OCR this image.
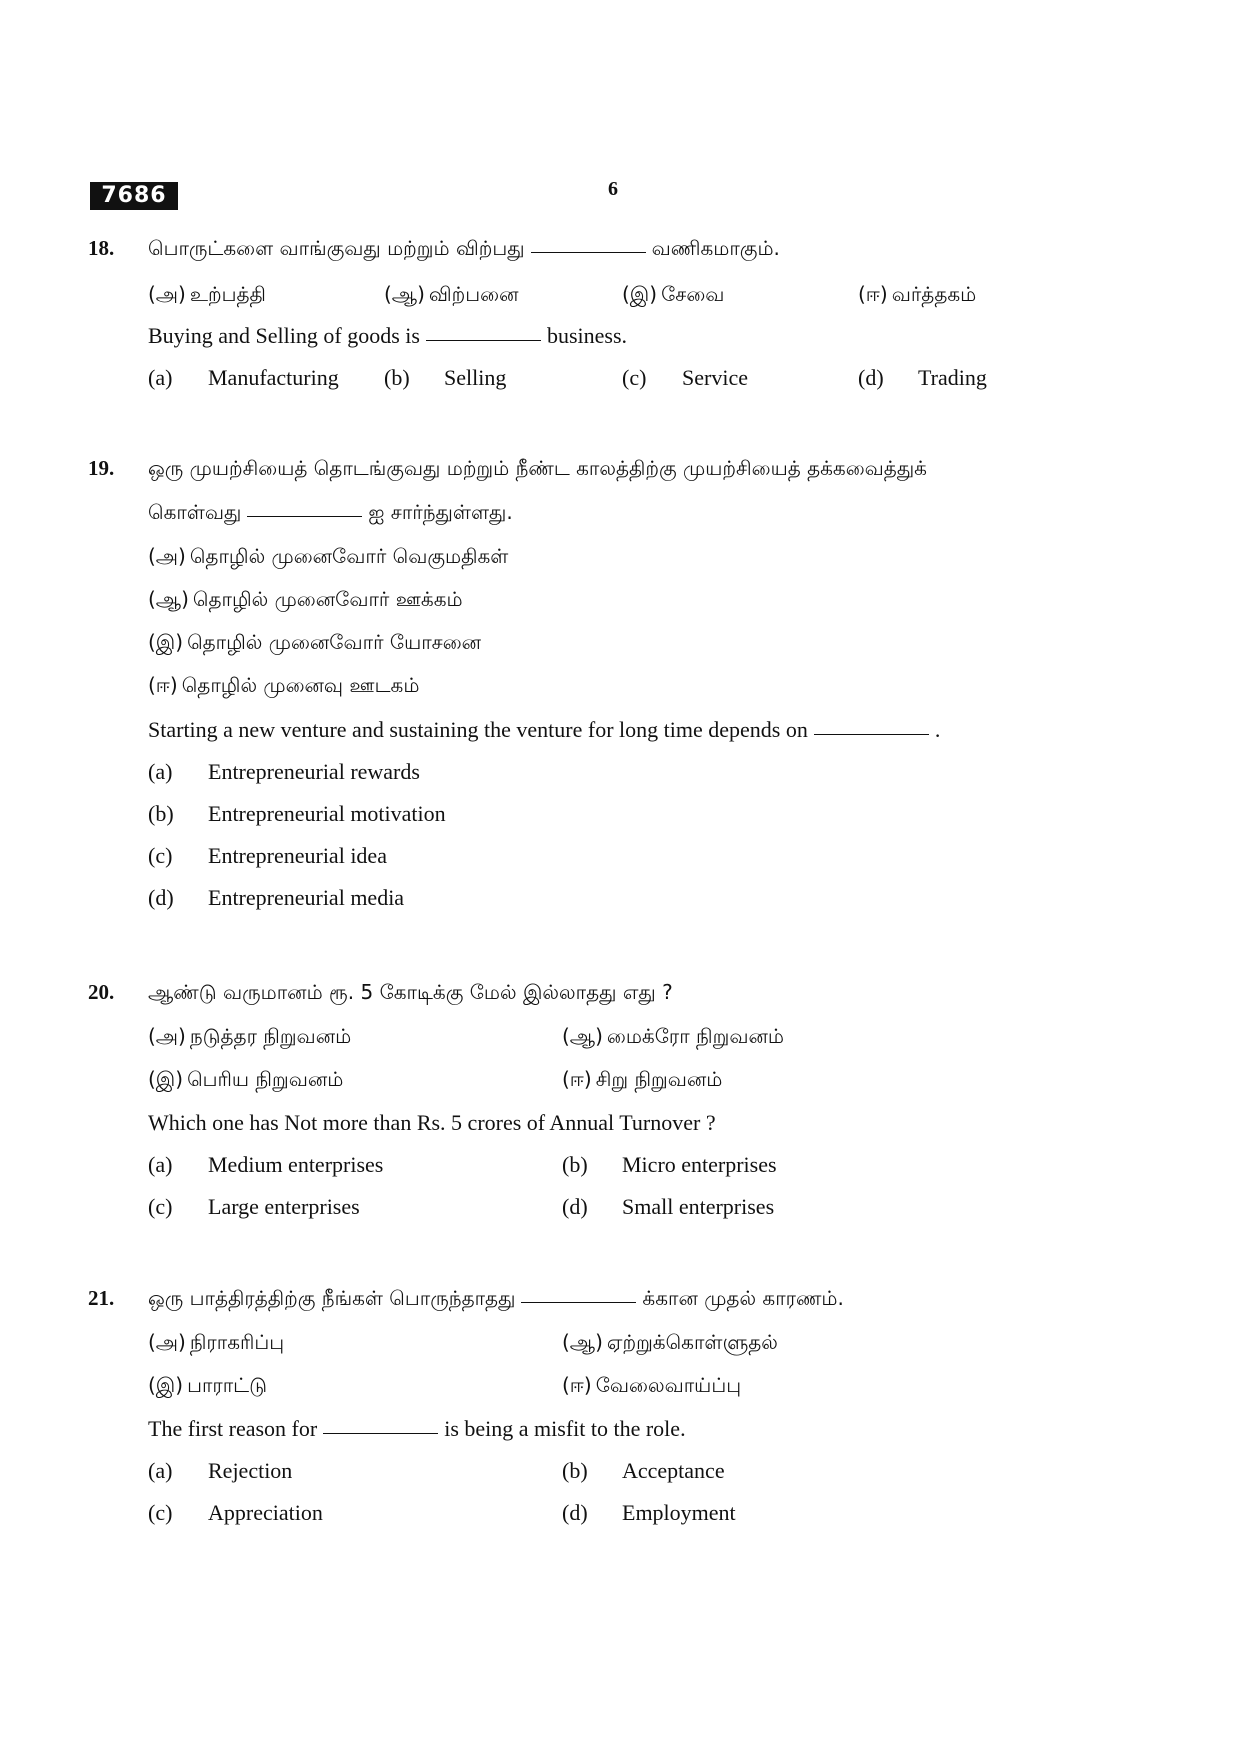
7686	6
18. பொருட்களை வாங்குவது மற்றும் விற்பது	வணிகமாகும்.
(அ) உற்பத்தி	(ஆ) விற்பனை	(இ) சேவை	(ஈ) வர்த்தகம்
Buying and Selling of goods is	business.
(a) Manufacturing (b) Selling	(c) Service	(d) Trading
19. ஒரு முயற்சியைத் தொடங்குவது மற்றும் நீண்ட காலத்திற்கு முயற்சியைத் தக்கவைத்துக்
கொள்வது	ஐ சார்ந்துள்ளது.
(அ) தொழில் முனைவோர் வெகுமதிகள்
(ஆ) தொழில் முனைவோர் ஊக்கம்
(இ) தொழில் முனைவோர் யோசனை
(ஈ) தொழில் முனைவு ஊடகம்
Starting a new venture and sustaining the venture for long time depends on	.
(a) Entrepreneurial rewards
(b) Entrepreneurial motivation
(c) Entrepreneurial idea
(d) Entrepreneurial media
20. ஆண்டு வருமானம் ரூ. 5 கோடிக்கு மேல் இல்லாதது எது ?
(அ) நடுத்தர நிறுவனம்	(ஆ) மைக்ரோ நிறுவனம்
(இ) பெரிய நிறுவனம்	(ஈ) சிறு நிறுவனம்
Which one has Not more than Rs. 5 crores of Annual Turnover ?
(a) Medium enterprises	(b) Micro enterprises
(c) Large enterprises	(d) Small enterprises
21. ஒரு பாத்திரத்திற்கு நீங்கள் பொருந்தாதது	க்கான முதல் காரணம்.
(அ) நிராகரிப்பு	(ஆ) ஏற்றுக்கொள்ளுதல்
(இ) பாராட்டு	(ஈ) வேலைவாய்ப்பு
The first reason for	is being a misfit to the role.
(a) Rejection	(b) Acceptance
(c) Appreciation	(d) Employment
